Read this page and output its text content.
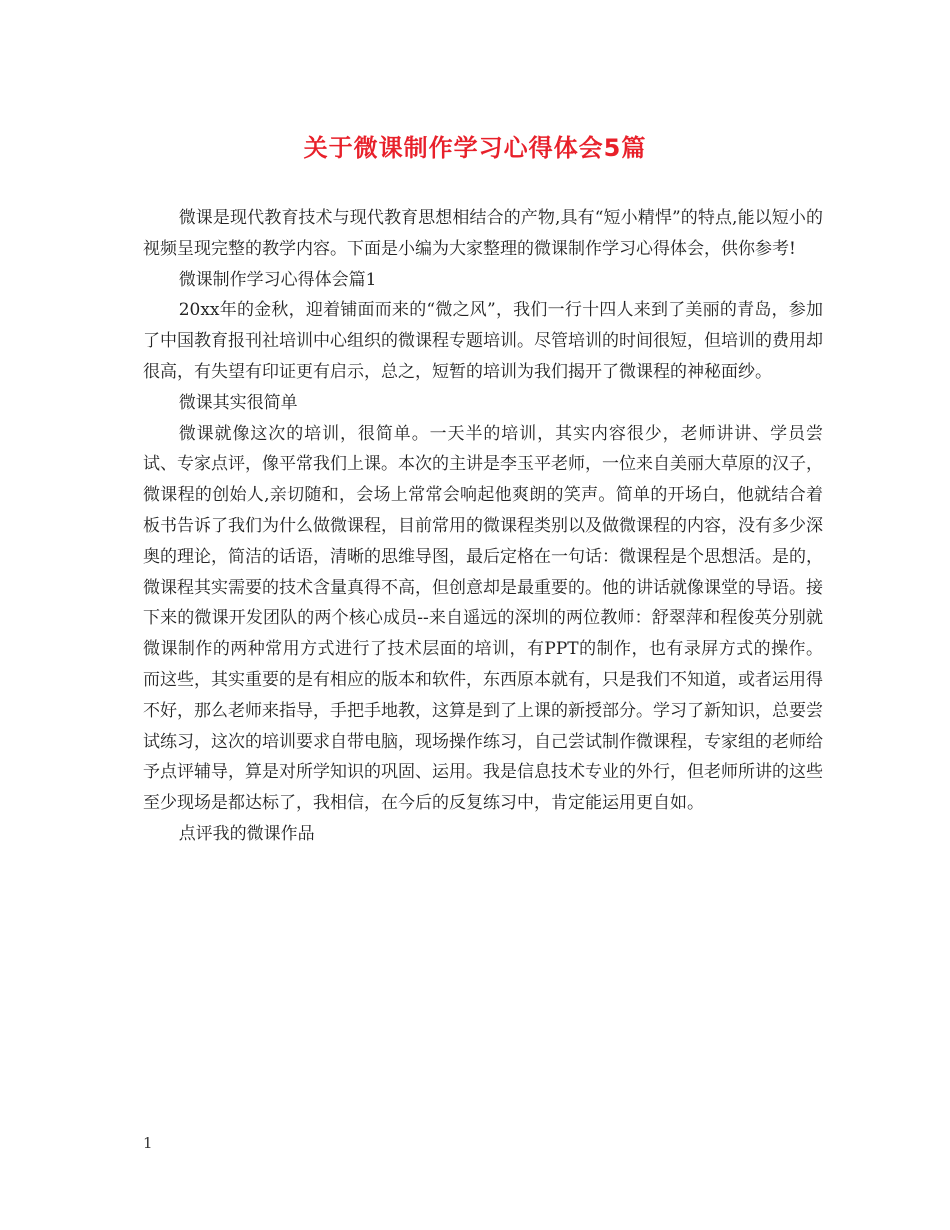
关于微课制作学习心得体会5篇

微课是现代教育技术与现代教育思想相结合的产物,具有“短小精悍”的特点,能以短小的视频呈现完整的教学内容。下面是小编为大家整理的微课制作学习心得体会，供你参考!

微课制作学习心得体会篇1

20xx年的金秋，迎着铺面而来的“微之风”，我们一行十四人来到了美丽的青岛，参加了中国教育报刊社培训中心组织的微课程专题培训。尽管培训的时间很短，但培训的费用却很高，有失望有印证更有启示，总之，短暂的培训为我们揭开了微课程的神秘面纱。

微课其实很简单

微课就像这次的培训，很简单。一天半的培训，其实内容很少，老师讲讲、学员尝试、专家点评，像平常我们上课。本次的主讲是李玉平老师，一位来自美丽大草原的汉子，微课程的创始人,亲切随和，会场上常常会响起他爽朗的笑声。简单的开场白，他就结合着板书告诉了我们为什么做微课程，目前常用的微课程类别以及做微课程的内容，没有多少深奥的理论，简洁的话语，清晰的思维导图，最后定格在一句话：微课程是个思想活。是的，微课程其实需要的技术含量真得不高，但创意却是最重要的。他的讲话就像课堂的导语。接下来的微课开发团队的两个核心成员--来自遥远的深圳的两位教师：舒翠萍和程俊英分别就微课制作的两种常用方式进行了技术层面的培训，有PPT的制作，也有录屏方式的操作。而这些，其实重要的是有相应的版本和软件，东西原本就有，只是我们不知道，或者运用得不好，那么老师来指导，手把手地教，这算是到了上课的新授部分。学习了新知识，总要尝试练习，这次的培训要求自带电脑，现场操作练习，自己尝试制作微课程，专家组的老师给予点评辅导，算是对所学知识的巩固、运用。我是信息技术专业的外行，但老师所讲的这些至少现场是都达标了，我相信，在今后的反复练习中，肯定能运用更自如。

点评我的微课作品

1
